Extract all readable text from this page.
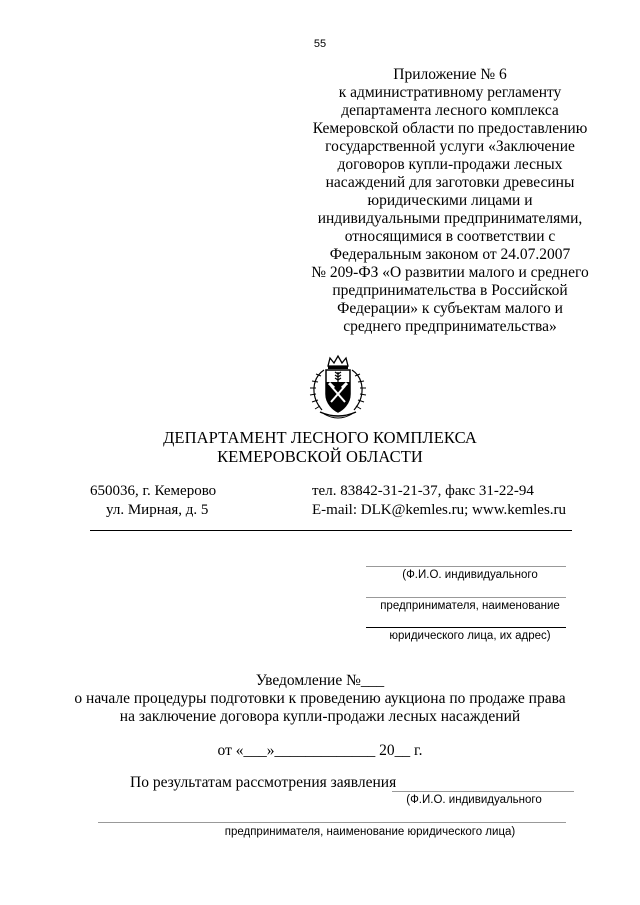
55
Приложение № 6
к административному регламенту
департамента лесного комплекса
Кемеровской области по предоставлению
государственной услуги «Заключение
договоров купли-продажи лесных
насаждений для заготовки древесины
юридическими лицами и
индивидуальными предпринимателями,
относящимися в соответствии с
Федеральным законом от 24.07.2007
№ 209-ФЗ «О развитии малого и среднего
предпринимательства в Российской
Федерации» к субъектам малого и
среднего предпринимательства»
ДЕПАРТАМЕНТ ЛЕСНОГО КОМПЛЕКСА
КЕМЕРОВСКОЙ ОБЛАСТИ
650036, г. Кемерово
ул. Мирная, д. 5
тел. 83842-31-21-37, факс 31-22-94
E-mail: DLK@kemles.ru; www.kemles.ru
(Ф.И.О. индивидуального
предпринимателя, наименование
юридического лица, их адрес)
Уведомление №___
о начале процедуры подготовки к проведению аукциона по продаже права
на заключение договора купли-продажи лесных насаждений
от «___»_____________ 20__ г.
По результатам рассмотрения заявления
(Ф.И.О. индивидуального
предпринимателя, наименование юридического лица)
